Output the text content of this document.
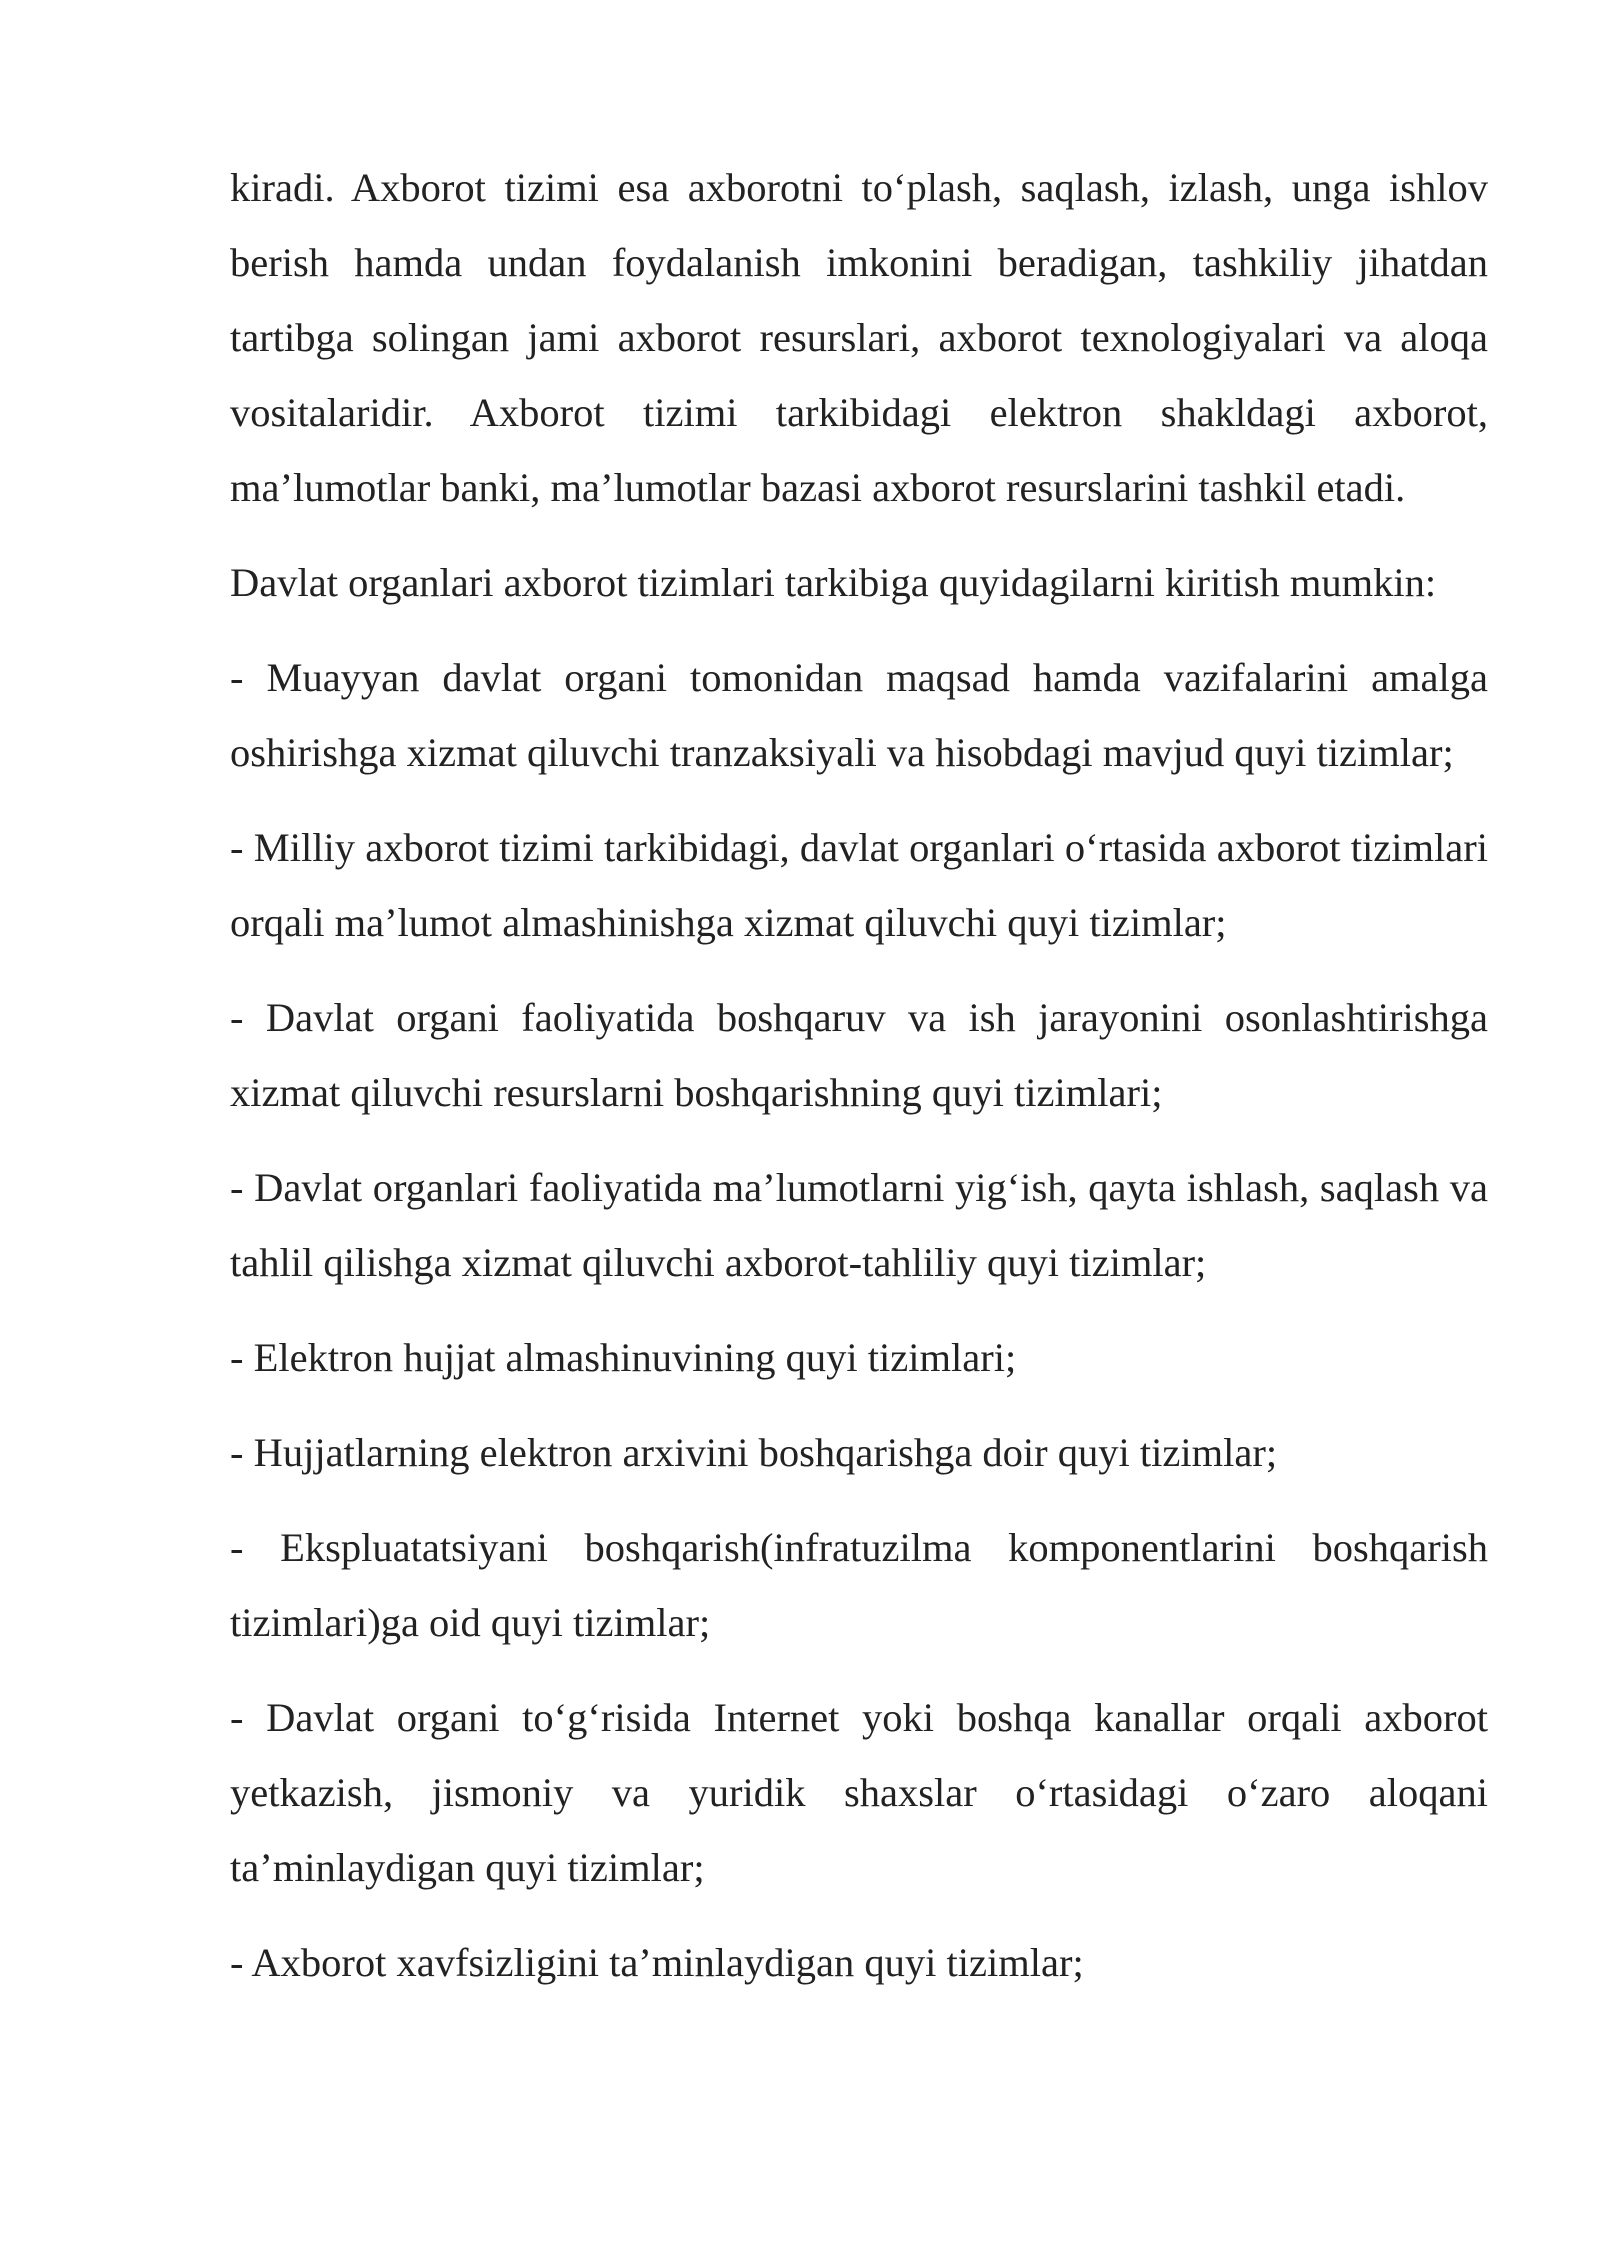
kiradi. Axborot tizimi esa axborotni to‘plash, saqlash, izlash, unga ishlov berish hamda undan foydalanish imkonini beradigan, tashkiliy jihatdan tartibga solingan jami axborot resurslari, axborot texnologiyalari va aloqa vositalaridir. Axborot tizimi tarkibidagi elektron shakldagi axborot, ma’lumotlar banki, ma’lumotlar bazasi axborot resurslarini tashkil etadi.

Davlat organlari axborot tizimlari tarkibiga quyidagilarni kiritish mumkin:

- Muayyan davlat organi tomonidan maqsad hamda vazifalarini amalga oshirishga xizmat qiluvchi tranzaksiyali va hisobdagi mavjud quyi tizimlar;

- Milliy axborot tizimi tarkibidagi, davlat organlari o‘rtasida axborot tizimlari orqali ma’lumot almashinishga xizmat qiluvchi quyi tizimlar;

- Davlat organi faoliyatida boshqaruv va ish jarayonini osonlashtirishga xizmat qiluvchi resurslarni boshqarishning quyi tizimlari;

- Davlat organlari faoliyatida ma’lumotlarni yig‘ish, qayta ishlash, saqlash va tahlil qilishga xizmat qiluvchi axborot-tahliliy quyi tizimlar;

- Elektron hujjat almashinuvining quyi tizimlari;

- Hujjatlarning elektron arxivini boshqarishga doir quyi tizimlar;

- Ekspluatatsiyani boshqarish(infratuzilma komponentlarini boshqarish tizimlari)ga oid quyi tizimlar;

- Davlat organi to‘g‘risida Internet yoki boshqa kanallar orqali axborot yetkazish, jismoniy va yuridik shaxslar o‘rtasidagi o‘zaro aloqani ta’minlaydigan quyi tizimlar;

- Axborot xavfsizligini ta’minlaydigan quyi tizimlar;
